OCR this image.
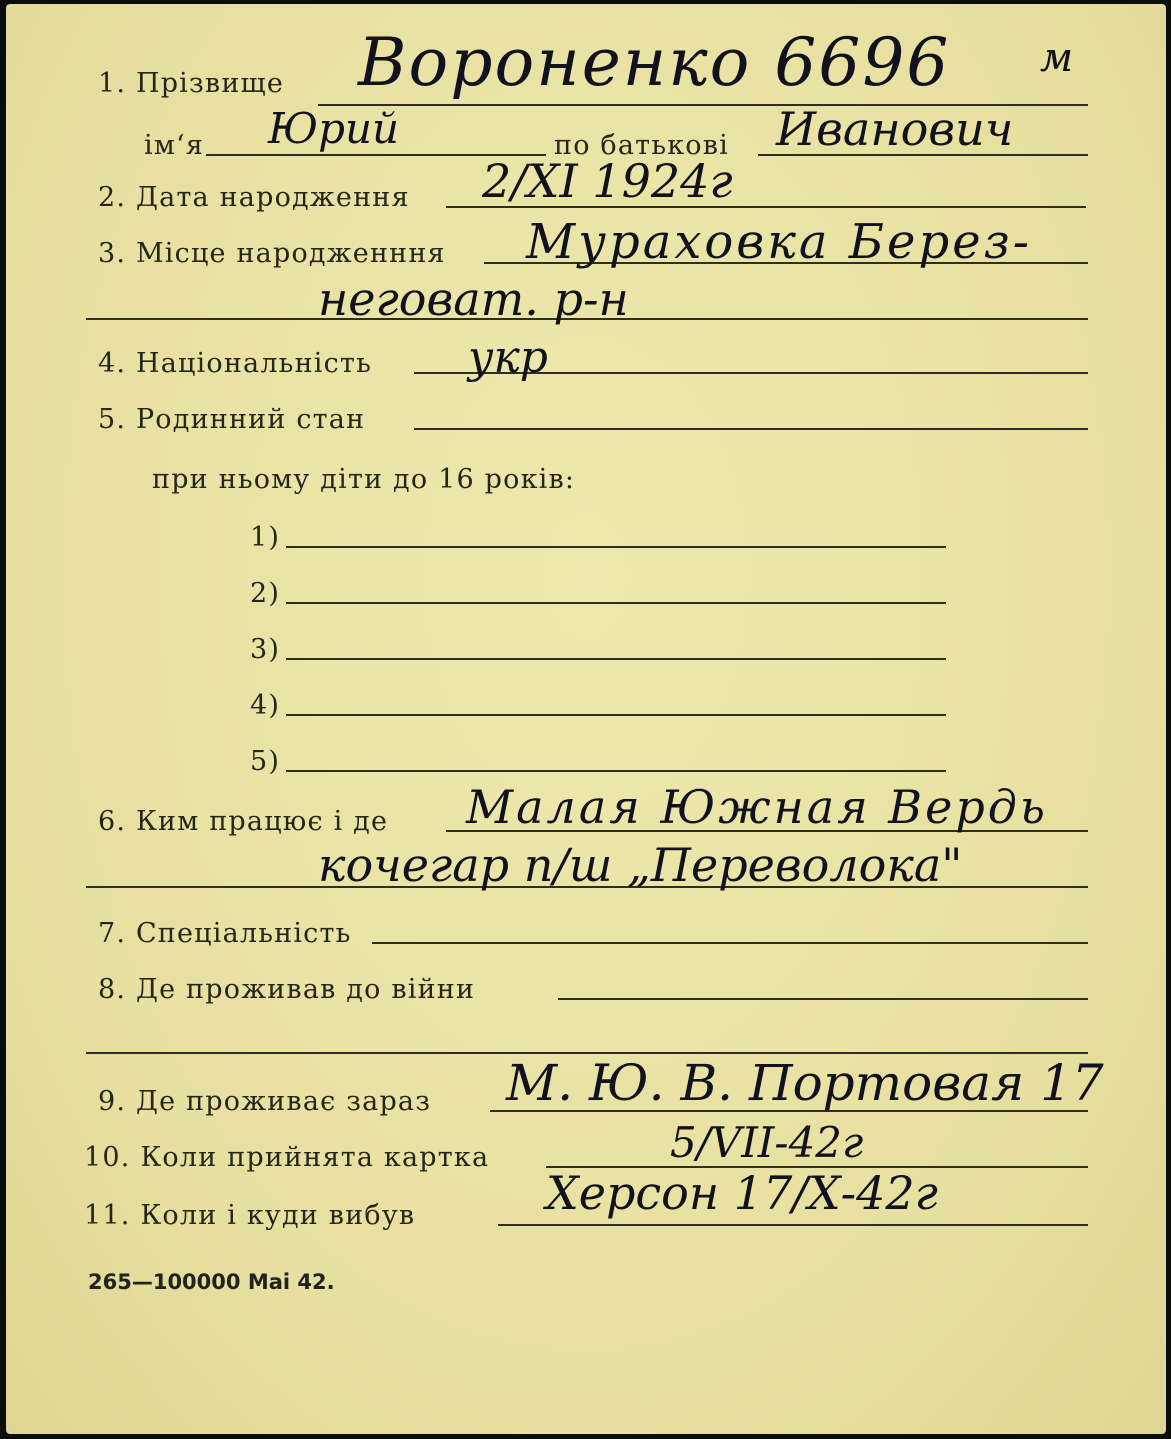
1. Прізвище Вороненко 6696 м
ім‘я Юрий	по батькові Иванович
2. Дата народження 2/ХІ 1924г
3. Місце народженння Мураховка Берез-
неговат. р-н
4. Національність укр
5. Родинний стан
при ньому діти до 16 років:
1)
2)
3)
4)
5)
6. Ким працює і де Малая Южная Вердь
кочегар п/ш „Переволока"
7. Спеціальність
8. Де проживав до війни
9. Де проживає зараз М. Ю. В. Портовая 17
10. Коли прийнята картка	5/VII-42г
11. Коли і куди вибув	Херсон 17/Х-42г
265—100000 Mai 42.
